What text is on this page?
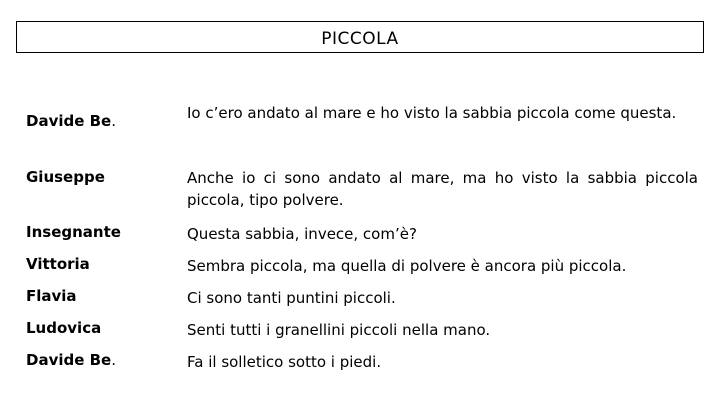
PICCOLA
Davide Be.	Io c’ero andato al mare e ho visto la sabbia piccola come questa.
Giuseppe	Anche io ci sono andato al mare, ma ho visto la sabbia piccola piccola, tipo polvere.
Insegnante	Questa sabbia, invece, com’è?
Vittoria	Sembra piccola, ma quella di polvere è ancora più piccola.
Flavia	Ci sono tanti puntini piccoli.
Ludovica	Senti tutti i granellini piccoli nella mano.
Davide Be.	Fa il solletico sotto i piedi.
